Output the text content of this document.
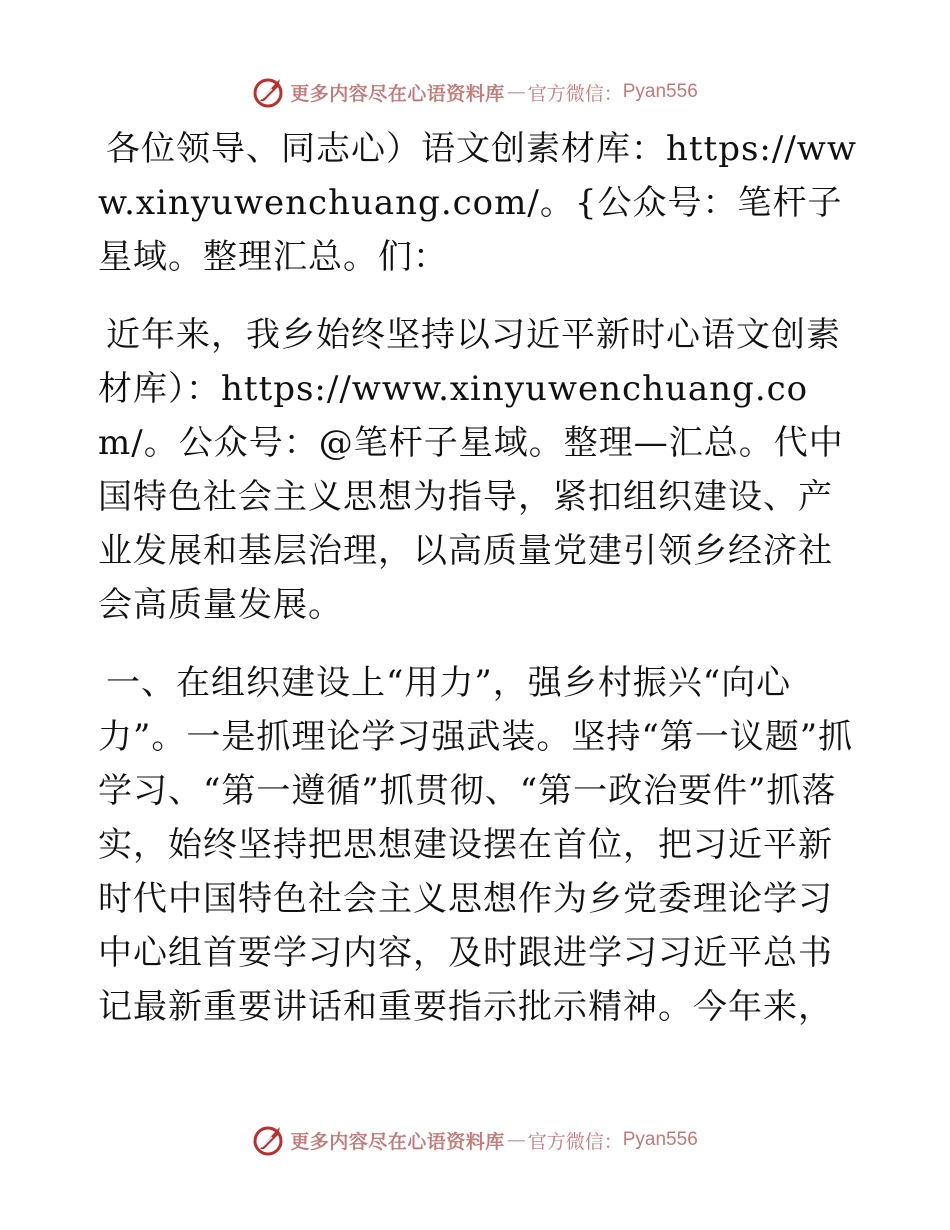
更多内容尽在心语资料库 — 官方微信： Pyan556

各位领导、同志心）语文创素材库：https://www.xinyuwenchuang.com/。{公众号：笔杆子星域。整理汇总。们：

近年来，我乡始终坚持以习近平新时心语文创素材库）：https://www.xinyuwenchuang.com/。公众号：@笔杆子星域。整理—汇总。代中国特色社会主义思想为指导，紧扣组织建设、产业发展和基层治理，以高质量党建引领乡经济社会高质量发展。

一、在组织建设上“用力”，强乡村振兴“向心力”。一是抓理论学习强武装。坚持“第一议题”抓学习、“第一遵循”抓贯彻、“第一政治要件”抓落实，始终坚持把思想建设摆在首位，把习近平新时代中国特色社会主义思想作为乡党委理论学习中心组首要学习内容，及时跟进学习习近平总书记最新重要讲话和重要指示批示精神。今年来，

更多内容尽在心语资料库 — 官方微信： Pyan556
